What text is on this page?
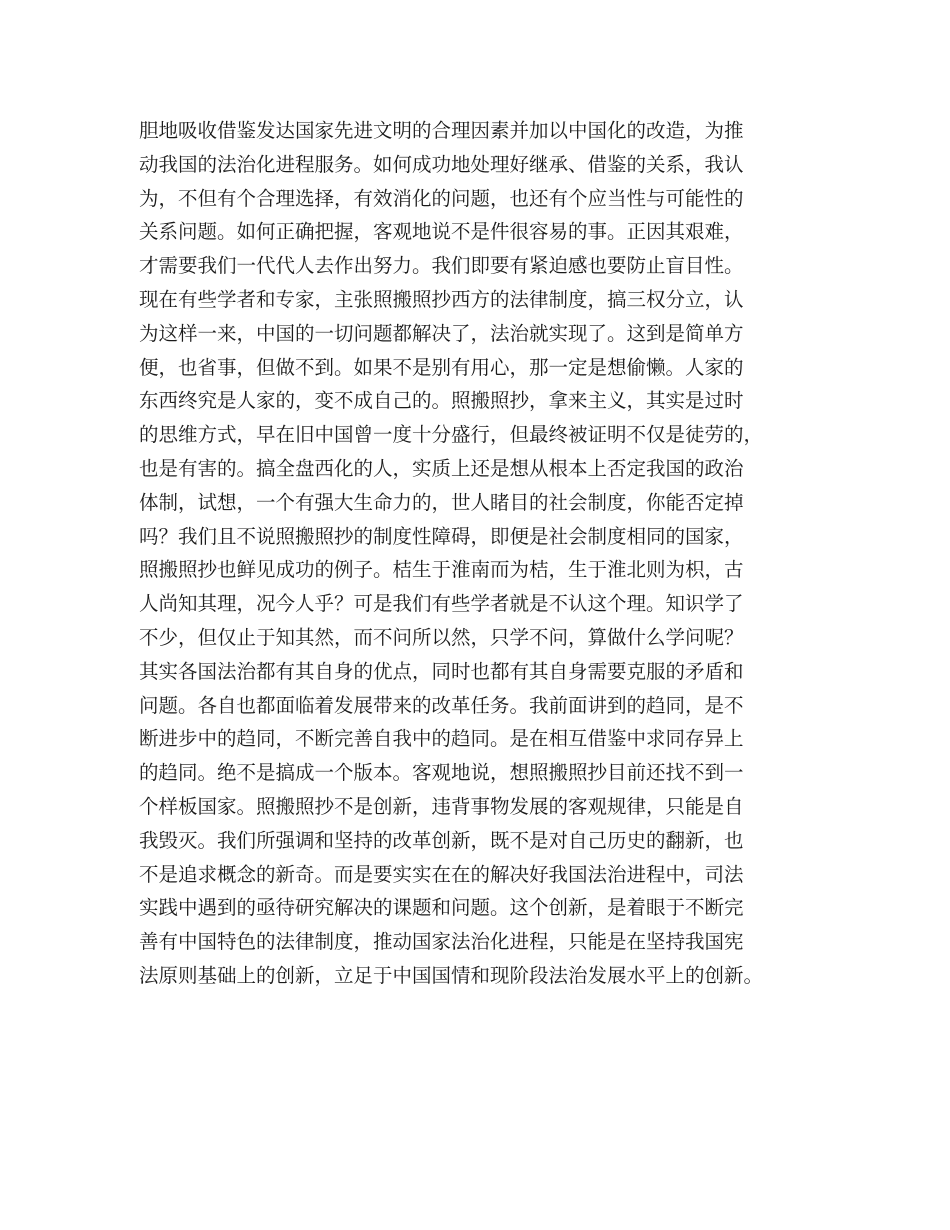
胆地吸收借鉴发达国家先进文明的合理因素并加以中国化的改造，为推
动我国的法治化进程服务。如何成功地处理好继承、借鉴的关系，我认
为，不但有个合理选择，有效消化的问题，也还有个应当性与可能性的
关系问题。如何正确把握，客观地说不是件很容易的事。正因其艰难，
才需要我们一代代人去作出努力。我们即要有紧迫感也要防止盲目性。
现在有些学者和专家，主张照搬照抄西方的法律制度，搞三权分立，认
为这样一来，中国的一切问题都解决了，法治就实现了。这到是简单方
便，也省事，但做不到。如果不是别有用心，那一定是想偷懒。人家的
东西终究是人家的，变不成自己的。照搬照抄，拿来主义，其实是过时
的思维方式，早在旧中国曾一度十分盛行，但最终被证明不仅是徒劳的，
也是有害的。搞全盘西化的人，实质上还是想从根本上否定我国的政治
体制，试想，一个有强大生命力的，世人睹目的社会制度，你能否定掉
吗？我们且不说照搬照抄的制度性障碍，即便是社会制度相同的国家，
照搬照抄也鲜见成功的例子。桔生于淮南而为桔，生于淮北则为枳，古
人尚知其理，况今人乎？可是我们有些学者就是不认这个理。知识学了
不少，但仅止于知其然，而不问所以然，只学不问，算做什么学问呢？
其实各国法治都有其自身的优点，同时也都有其自身需要克服的矛盾和
问题。各自也都面临着发展带来的改革任务。我前面讲到的趋同，是不
断进步中的趋同，不断完善自我中的趋同。是在相互借鉴中求同存异上
的趋同。绝不是搞成一个版本。客观地说，想照搬照抄目前还找不到一
个样板国家。照搬照抄不是创新，违背事物发展的客观规律，只能是自
我毁灭。我们所强调和坚持的改革创新，既不是对自己历史的翻新，也
不是追求概念的新奇。而是要实实在在的解决好我国法治进程中，司法
实践中遇到的亟待研究解决的课题和问题。这个创新，是着眼于不断完
善有中国特色的法律制度，推动国家法治化进程，只能是在坚持我国宪
法原则基础上的创新，立足于中国国情和现阶段法治发展水平上的创新。
